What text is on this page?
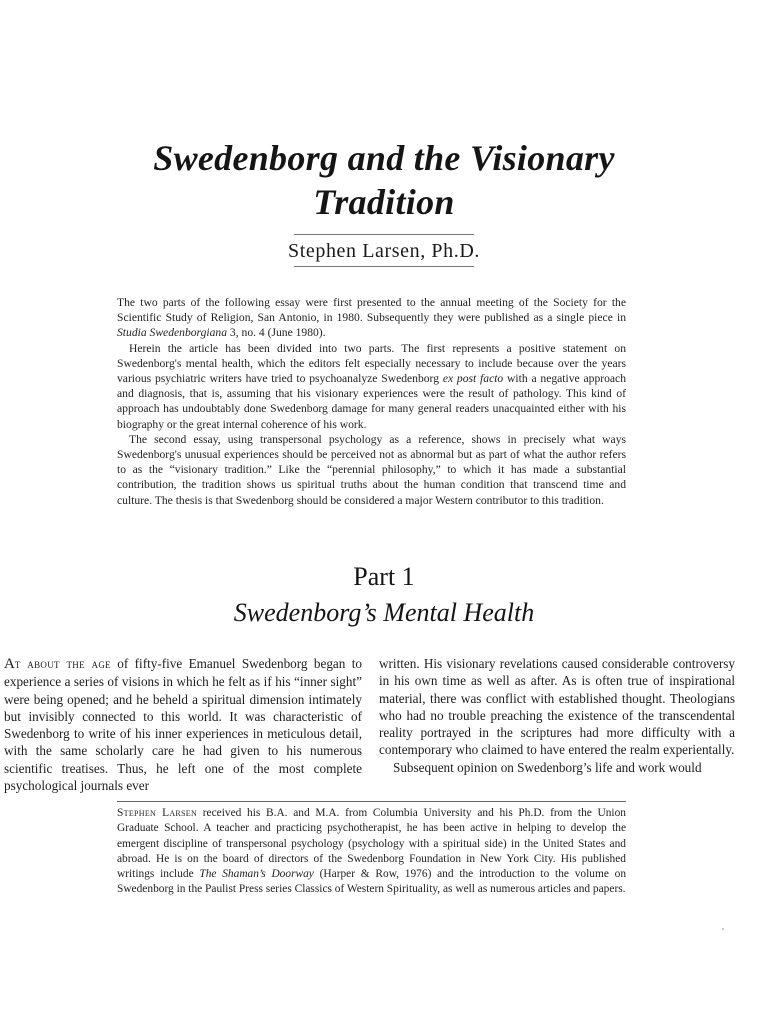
Swedenborg and the Visionary
Tradition
Stephen Larsen, Ph.D.

The two parts of the following essay were first presented to the annual meeting of the Society for the Scientific Study of Religion, San Antonio, in 1980. Subsequently they were published as a single piece in Studia Swedenborgiana 3, no. 4 (June 1980).

Herein the article has been divided into two parts. The first represents a positive statement on Swedenborg's mental health, which the editors felt especially necessary to include because over the years various psychiatric writers have tried to psychoanalyze Swedenborg ex post facto with a negative approach and diagnosis, that is, assuming that his visionary experiences were the result of pathology. This kind of approach has undoubtably done Swedenborg damage for many general readers unacquainted either with his biography or the great internal coherence of his work.

The second essay, using transpersonal psychology as a reference, shows in precisely what ways Swedenborg's unusual experiences should be perceived not as abnormal but as part of what the author refers to as the “visionary tradition.” Like the “perennial philosophy,” to which it has made a substantial contribution, the tradition shows us spiritual truths about the human condition that transcend time and culture. The thesis is that Swedenborg should be considered a major Western contributor to this tradition.

Part 1
Swedenborg’s Mental Health

At about the age of fifty-five Emanuel Swedenborg began to experience a series of visions in which he felt as if his “inner sight” were being opened; and he beheld a spiritual dimension intimately but invisibly connected to this world. It was characteristic of Swedenborg to write of his inner experiences in meticulous detail, with the same scholarly care he had given to his numerous scientific treatises. Thus, he left one of the most complete psychological journals ever

written. His visionary revelations caused considerable controversy in his own time as well as after. As is often true of inspirational material, there was conflict with established thought. Theologians who had no trouble preaching the existence of the transcendental reality portrayed in the scriptures had more difficulty with a contemporary who claimed to have entered the realm experientally.

Subsequent opinion on Swedenborg’s life and work would

Stephen Larsen received his B.A. and M.A. from Columbia University and his Ph.D. from the Union Graduate School. A teacher and practicing psychotherapist, he has been active in helping to develop the emergent discipline of transpersonal psychology (psychology with a spiritual side) in the United States and abroad. He is on the board of directors of the Swedenborg Foundation in New York City. His published writings include The Shaman’s Doorway (Harper & Row, 1976) and the introduction to the volume on Swedenborg in the Paulist Press series Classics of Western Spirituality, as well as numerous articles and papers.
